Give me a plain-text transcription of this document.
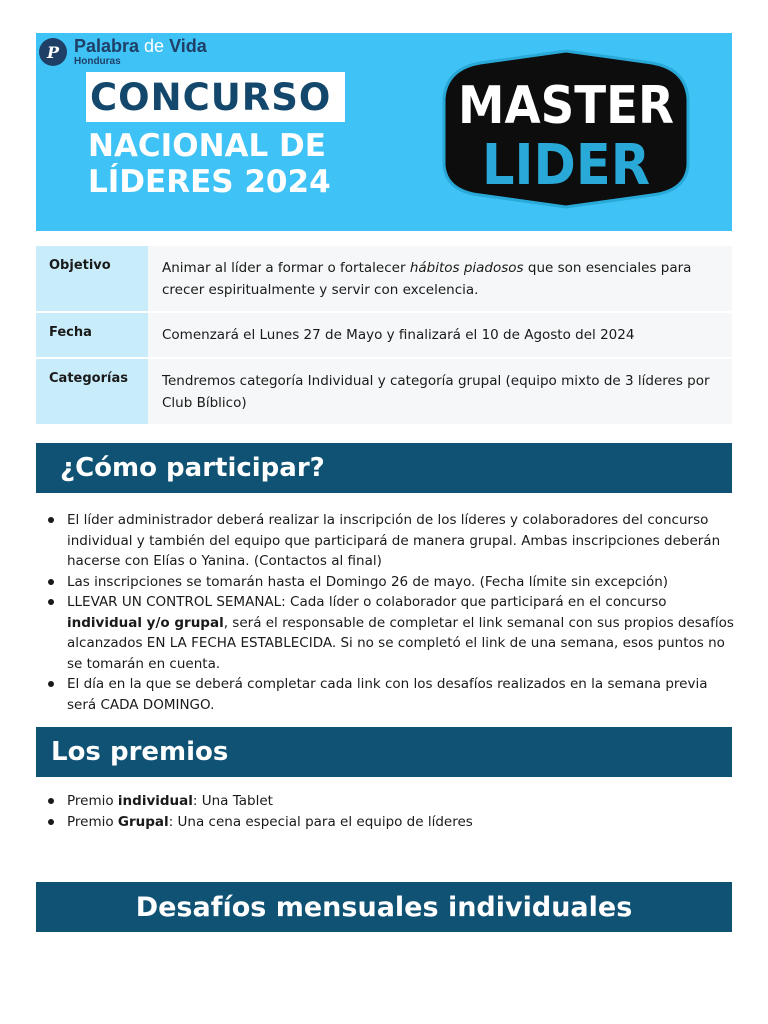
P Palabra de Vida
Honduras
CONCURSO
NACIONAL DE
LÍDERES 2024
MASTER
LIDER
Objetivo	Animar al líder a formar o fortalecer hábitos piadosos que son esenciales para crecer espiritualmente y servir con excelencia.
Fecha	Comenzará el Lunes 27 de Mayo y finalizará el 10 de Agosto del 2024
Categorías	Tendremos categoría Individual y categoría grupal (equipo mixto de 3 líderes por Club Bíblico)
¿Cómo participar?
El líder administrador deberá realizar la inscripción de los líderes y colaboradores del concurso individual y también del equipo que participará de manera grupal. Ambas inscripciones deberán hacerse con Elías o Yanina. (Contactos al final)
Las inscripciones se tomarán hasta el Domingo 26 de mayo. (Fecha límite sin excepción)
LLEVAR UN CONTROL SEMANAL: Cada líder o colaborador que participará en el concurso individual y/o grupal, será el responsable de completar el link semanal con sus propios desafíos alcanzados EN LA FECHA ESTABLECIDA. Si no se completó el link de una semana, esos puntos no se tomarán en cuenta.
El día en la que se deberá completar cada link con los desafíos realizados en la semana previa será CADA DOMINGO.
Los premios
Premio individual: Una Tablet
Premio Grupal: Una cena especial para el equipo de líderes
Desafíos mensuales individuales
